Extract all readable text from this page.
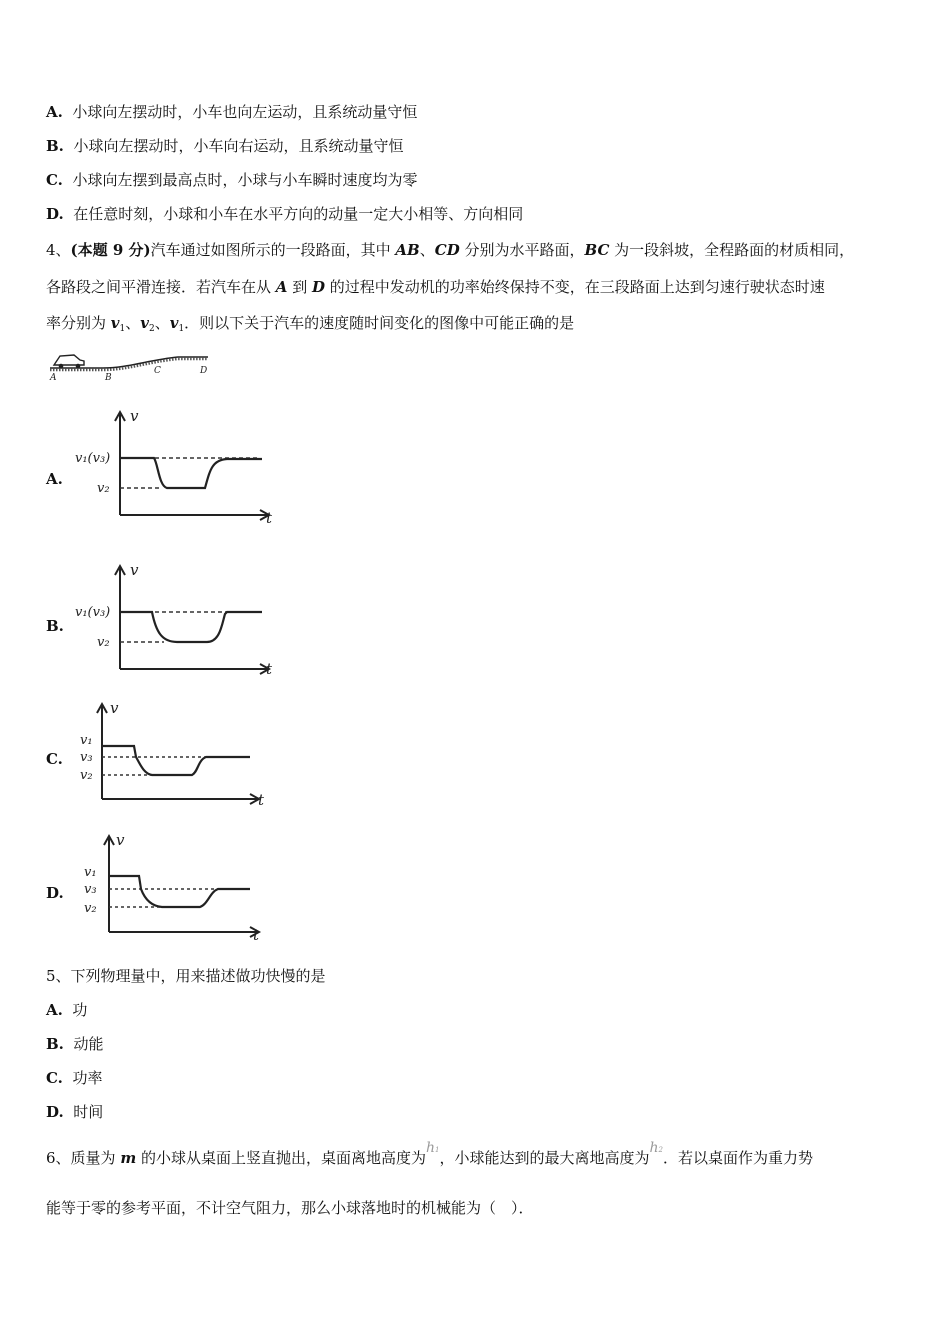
A. 小球向左摆动时，小车也向左运动，且系统动量守恒
B. 小球向左摆动时，小车向右运动，且系统动量守恒
C. 小球向左摆到最高点时，小球与小车瞬时速度均为零
D. 在任意时刻，小球和小车在水平方向的动量一定大小相等、方向相同
4、(本题 9 分)汽车通过如图所示的一段路面，其中 AB、CD 分别为水平路面，BC 为一段斜坡，全程路面的材质相同，
各路段之间平滑连接．若汽车在从 A 到 D 的过程中发动机的功率始终保持不变，在三段路面上达到匀速行驶状态时速
率分别为 $v_1$、$v_2$、$v_1$．则以下关于汽车的速度随时间变化的图像中可能正确的是
A	B
C	D
A.
v
t
v₁(v₃)
v₂
B.
v
t
v₁(v₃)
v₂
C.
v
t
v₁
v₃
v₂
D.
v
t
v₁
v₃
v₂
5、下列物理量中，用来描述做功快慢的是
A. 功
B. 动能
C. 功率
D. 时间
6、质量为 m 的小球从桌面上竖直抛出，桌面离地高度为h1，小球能达到的最大离地高度为h2．若以桌面作为重力势
能等于零的参考平面，不计空气阻力，那么小球落地时的机械能为（　）．
